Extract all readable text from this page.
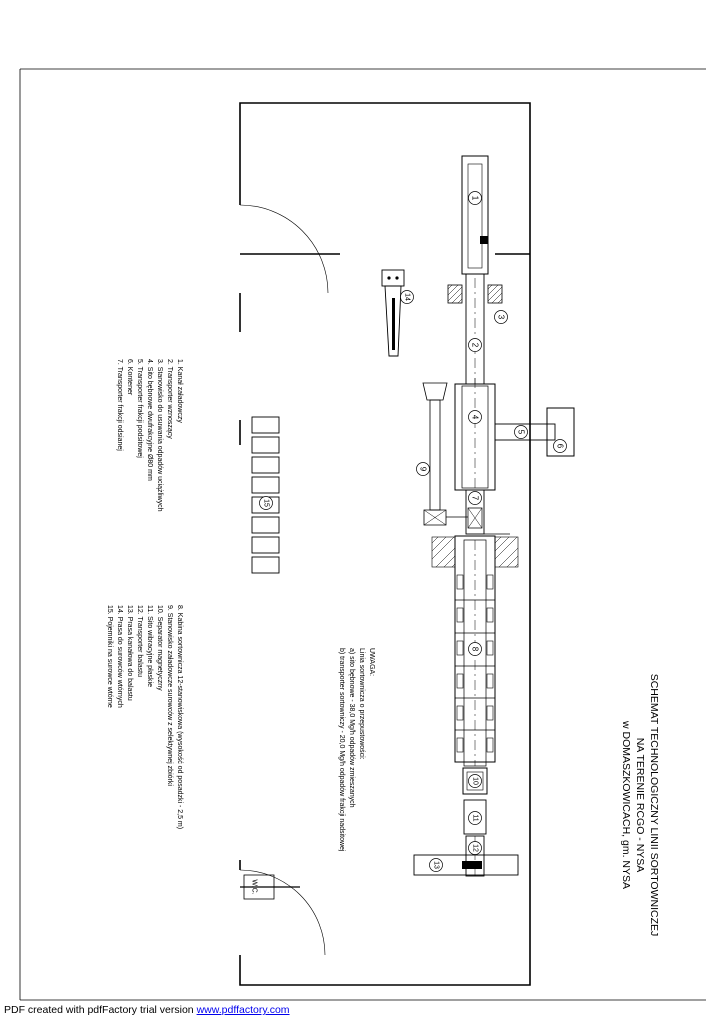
1
2
3
4
5
6
7
8
9
10
11
12
13
14
15
W.C.	SCHEMAT TECHNOLOGICZNY LINII SORTOWNICZEJ
NA TERENIE RCGO - NYSA
w DOMASZKOWICACH, gm. NYSA
UWAGA:
Linia sortownicza o przepustowości:
a) sito bębnowe - 38,0 Mg/h odpadów zmieszanych
b) transporter sortowniczy - 20,0 Mg/h odpadów frakcji nadsitowej
1. Kanał załadowczy
2. Transporter wznoszący
3. Stanowisko do usuwania odpadów uciążliwych
4. Sito bębnowe dwufrakcyjne Ø80 mm
5. Transporter frakcji podsitowej
6. Kontener
7. Transporter frakcji odsianej
8. Kabina sortownicza 12-stanowiskowa (wysokość od posadzki - 2,5 m)
9. Stanowisko załadowcze surowców z selektywnej zbiórki
10. Separator magnetyczny
11. Sito wibracyjne płaskie
12. Transporter balastu
13. Prasa kanałowa do balastu
14. Prasa do surowców wtórnych
15. Pojemniki na surowce wtórne
PDF created with pdfFactory trial version www.pdffactory.com
